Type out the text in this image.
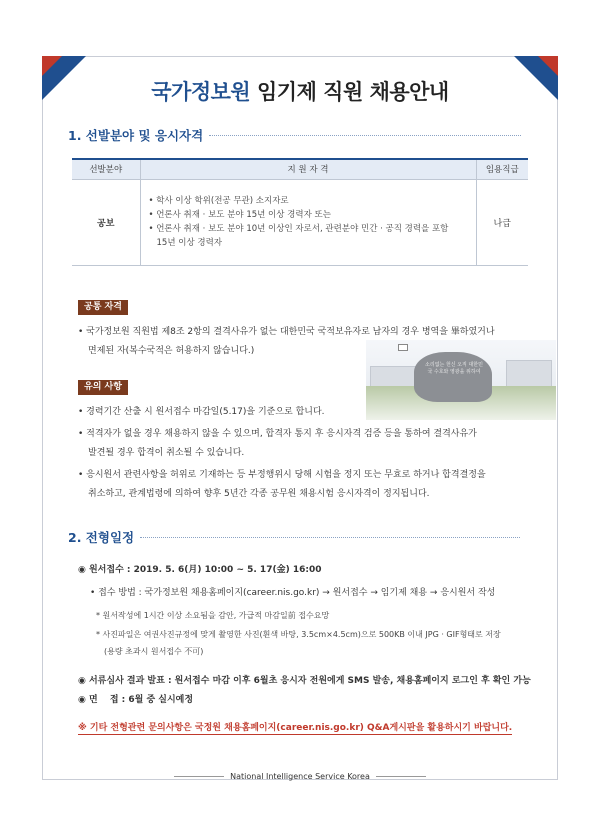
국가정보원 임기제 직원 채용안내
1. 선발분야 및 응시자격
선발분야	지 원 자 격	임용직급
공보	• 학사 이상 학위(전공 무관) 소지자로
• 언론사 취재 · 보도 분야 15년 이상 경력자 또는
• 언론사 취재 · 보도 분야 10년 이상인 자로서, 관련분야 민간 · 공직 경력을 포함
15년 이상 경력자	나급
공통 자격
• 국가정보원 직원법 제8조 2항의 결격사유가 없는 대한민국 국적보유자로 남자의 경우 병역을 畢하였거나
면제된 자(복수국적은 허용하지 않습니다.)
소리없는 헌신 오직 대한민국 수호와 영광을 위하여
유의 사항
• 경력기간 산출 시 원서접수 마감일(5.17)을 기준으로 합니다.
• 적격자가 없을 경우 채용하지 않을 수 있으며, 합격자 통지 후 응시자격 검증 등을 통하여 결격사유가
발견될 경우 합격이 취소될 수 있습니다.
• 응시원서 관련사항을 허위로 기재하는 등 부정행위시 당해 시험을 정지 또는 무효로 하거나 합격결정을
취소하고, 관계법령에 의하여 향후 5년간 각종 공무원 채용시험 응시자격이 정지됩니다.
2. 전형일정
◉ 원서접수 : 2019. 5. 6(月) 10:00 ~ 5. 17(金) 16:00
• 접수 방법 : 국가정보원 채용홈페이지(career.nis.go.kr) → 원서접수 → 임기제 채용 → 응시원서 작성
* 원서작성에 1시간 이상 소요됨을 감안, 가급적 마감일前 접수요망
* 사진파일은 여권사진규정에 맞게 촬영한 사진(흰색 바탕, 3.5cm×4.5cm)으로 500KB 이내 JPG · GIF형태로 저장
(용량 초과시 원서접수 不可)
◉ 서류심사 결과 발표 : 원서접수 마감 이후 6월초 응시자 전원에게 SMS 발송, 채용홈페이지 로그인 후 확인 가능
◉ 면　 접 : 6월 중 실시예정
※ 기타 전형관련 문의사항은 국정원 채용홈페이지(career.nis.go.kr) Q&A게시판을 활용하시기 바랍니다.
National Intelligence Service Korea
